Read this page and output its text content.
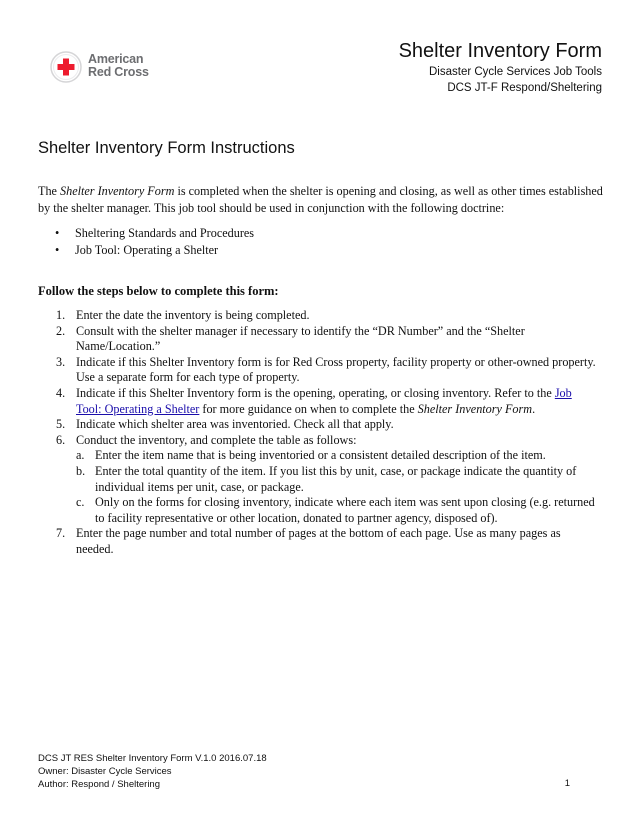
American
Red Cross
Shelter Inventory Form
Disaster Cycle Services Job Tools
DCS JT-F Respond/Sheltering
Shelter Inventory Form Instructions
The Shelter Inventory Form is completed when the shelter is opening and closing, as well as other times established by the shelter manager. This job tool should be used in conjunction with the following doctrine:
• Sheltering Standards and Procedures
• Job Tool: Operating a Shelter
Follow the steps below to complete this form:
1. Enter the date the inventory is being completed.
2. Consult with the shelter manager if necessary to identify the “DR Number” and the “Shelter Name/Location.”
3. Indicate if this Shelter Inventory form is for Red Cross property, facility property or other-owned property. Use a separate form for each type of property.
4. Indicate if this Shelter Inventory form is the opening, operating, or closing inventory. Refer to the Job Tool: Operating a Shelter for more guidance on when to complete the Shelter Inventory Form.
5. Indicate which shelter area was inventoried. Check all that apply.
6. Conduct the inventory, and complete the table as follows:
a. Enter the item name that is being inventoried or a consistent detailed description of the item.
b. Enter the total quantity of the item. If you list this by unit, case, or package indicate the quantity of individual items per unit, case, or package.
c. Only on the forms for closing inventory, indicate where each item was sent upon closing (e.g. returned to facility representative or other location, donated to partner agency, disposed of).
7. Enter the page number and total number of pages at the bottom of each page. Use as many pages as needed.
DCS JT RES Shelter Inventory Form V.1.0 2016.07.18
Owner: Disaster Cycle Services
Author: Respond / Sheltering	1
